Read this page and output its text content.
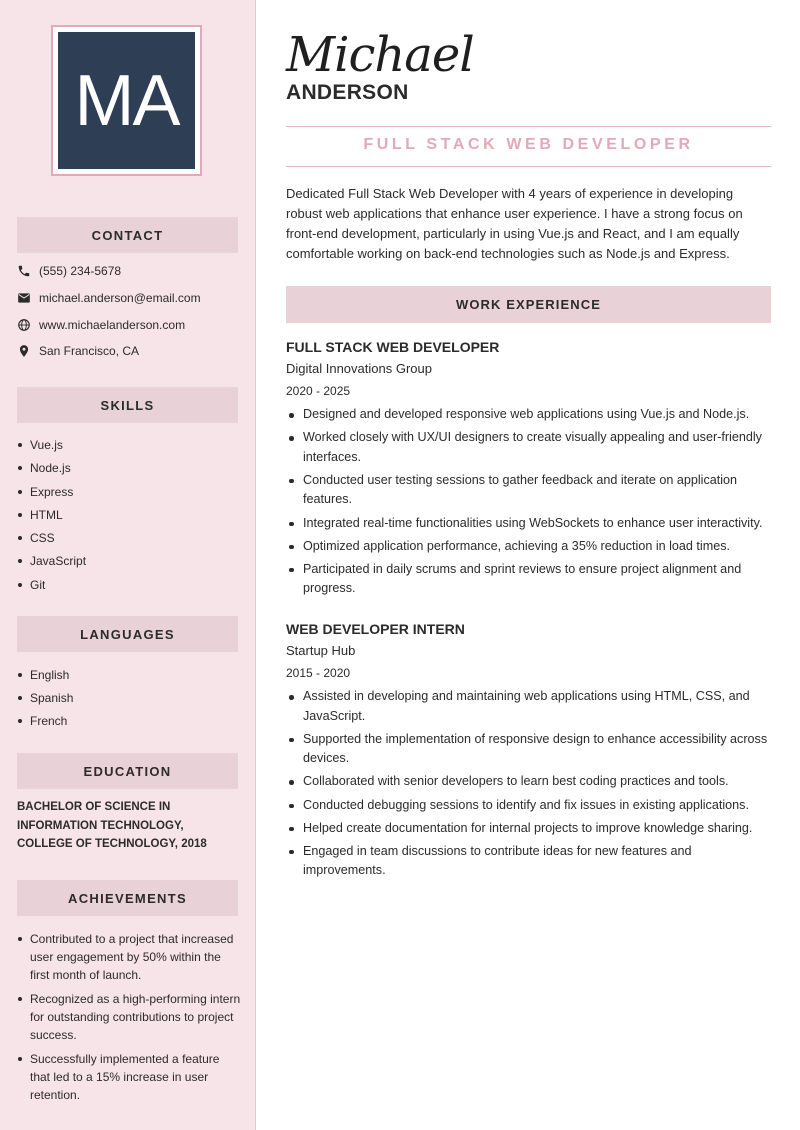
MA
CONTACT
(555) 234-5678
michael.anderson@email.com
www.michaelanderson.com
San Francisco, CA
SKILLS
Vue.js
Node.js
Express
HTML
CSS
JavaScript
Git
LANGUAGES
English
Spanish
French
EDUCATION
BACHELOR OF SCIENCE IN INFORMATION TECHNOLOGY, COLLEGE OF TECHNOLOGY, 2018
ACHIEVEMENTS
Contributed to a project that increased user engagement by 50% within the first month of launch.
Recognized as a high-performing intern for outstanding contributions to project success.
Successfully implemented a feature that led to a 15% increase in user retention.
Michael
ANDERSON
FULL STACK WEB DEVELOPER
Dedicated Full Stack Web Developer with 4 years of experience in developing robust web applications that enhance user experience. I have a strong focus on front-end development, particularly in using Vue.js and React, and I am equally comfortable working on back-end technologies such as Node.js and Express.
WORK EXPERIENCE
FULL STACK WEB DEVELOPER
Digital Innovations Group
2020 - 2025
Designed and developed responsive web applications using Vue.js and Node.js.
Worked closely with UX/UI designers to create visually appealing and user-friendly interfaces.
Conducted user testing sessions to gather feedback and iterate on application features.
Integrated real-time functionalities using WebSockets to enhance user interactivity.
Optimized application performance, achieving a 35% reduction in load times.
Participated in daily scrums and sprint reviews to ensure project alignment and progress.
WEB DEVELOPER INTERN
Startup Hub
2015 - 2020
Assisted in developing and maintaining web applications using HTML, CSS, and JavaScript.
Supported the implementation of responsive design to enhance accessibility across devices.
Collaborated with senior developers to learn best coding practices and tools.
Conducted debugging sessions to identify and fix issues in existing applications.
Helped create documentation for internal projects to improve knowledge sharing.
Engaged in team discussions to contribute ideas for new features and improvements.
